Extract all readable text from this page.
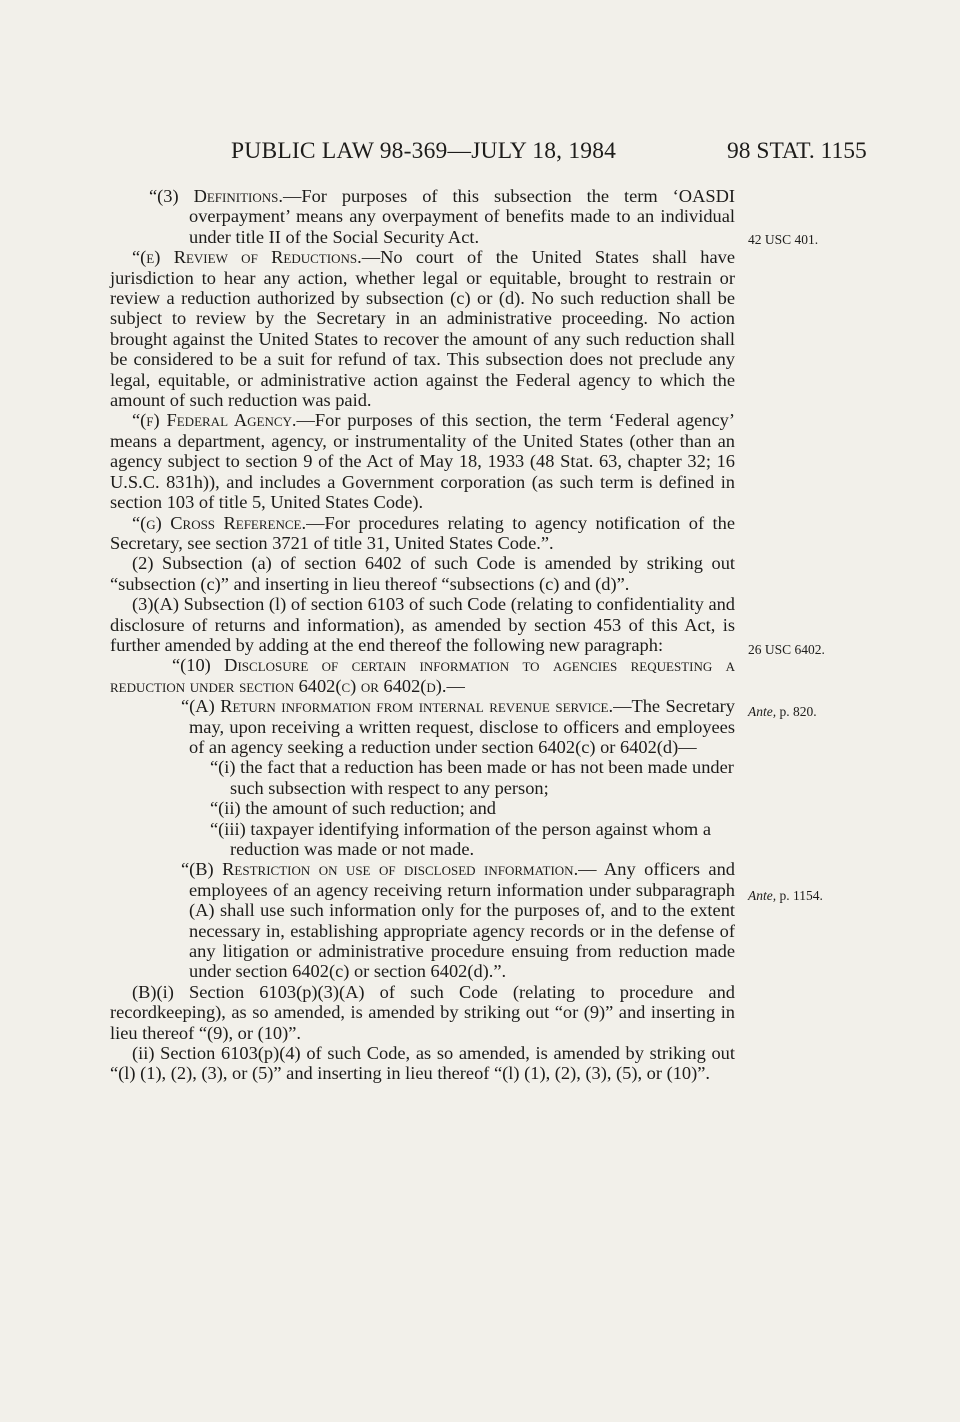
PUBLIC LAW 98-369—JULY 18, 1984	98 STAT. 1155
42 USC 401.
26 USC 6402.
Ante, p. 820.
Ante, p. 1154.

“(3) Definitions.—For purposes of this subsection the term ‘OASDI overpayment’ means any overpayment of benefits made to an individual under title II of the Social Security Act.

“(e) Review of Reductions.—No court of the United States shall have jurisdiction to hear any action, whether legal or equitable, brought to restrain or review a reduction authorized by subsection (c) or (d). No such reduction shall be subject to review by the Secretary in an administrative proceeding. No action brought against the United States to recover the amount of any such reduction shall be considered to be a suit for refund of tax. This subsection does not preclude any legal, equitable, or administrative action against the Federal agency to which the amount of such reduction was paid.

“(f) Federal Agency.—For purposes of this section, the term ‘Federal agency’ means a department, agency, or instrumentality of the United States (other than an agency subject to section 9 of the Act of May 18, 1933 (48 Stat. 63, chapter 32; 16 U.S.C. 831h)), and includes a Government corporation (as such term is defined in section 103 of title 5, United States Code).

“(g) Cross Reference.—For procedures relating to agency notification of the Secretary, see section 3721 of title 31, United States Code.”.

(2) Subsection (a) of section 6402 of such Code is amended by striking out “subsection (c)” and inserting in lieu thereof “subsections (c) and (d)”.

(3)(A) Subsection (l) of section 6103 of such Code (relating to confidentiality and disclosure of returns and information), as amended by section 453 of this Act, is further amended by adding at the end thereof the following new paragraph:

“(10) Disclosure of certain information to agencies requesting a reduction under section 6402(c) or 6402(d).—

“(A) Return information from internal revenue service.—The Secretary may, upon receiving a written request, disclose to officers and employees of an agency seeking a reduction under section 6402(c) or 6402(d)—

“(i) the fact that a reduction has been made or has not been made under such subsection with respect to any person;

“(ii) the amount of such reduction; and

“(iii) taxpayer identifying information of the person against whom a reduction was made or not made.

“(B) Restriction on use of disclosed information.— Any officers and employees of an agency receiving return information under subparagraph (A) shall use such information only for the purposes of, and to the extent necessary in, establishing appropriate agency records or in the defense of any litigation or administrative procedure ensuing from reduction made under section 6402(c) or section 6402(d).”.

(B)(i) Section 6103(p)(3)(A) of such Code (relating to procedure and recordkeeping), as so amended, is amended by striking out “or (9)” and inserting in lieu thereof “(9), or (10)”.

(ii) Section 6103(p)(4) of such Code, as so amended, is amended by striking out “(l) (1), (2), (3), or (5)” and inserting in lieu thereof “(l) (1), (2), (3), (5), or (10)”.
